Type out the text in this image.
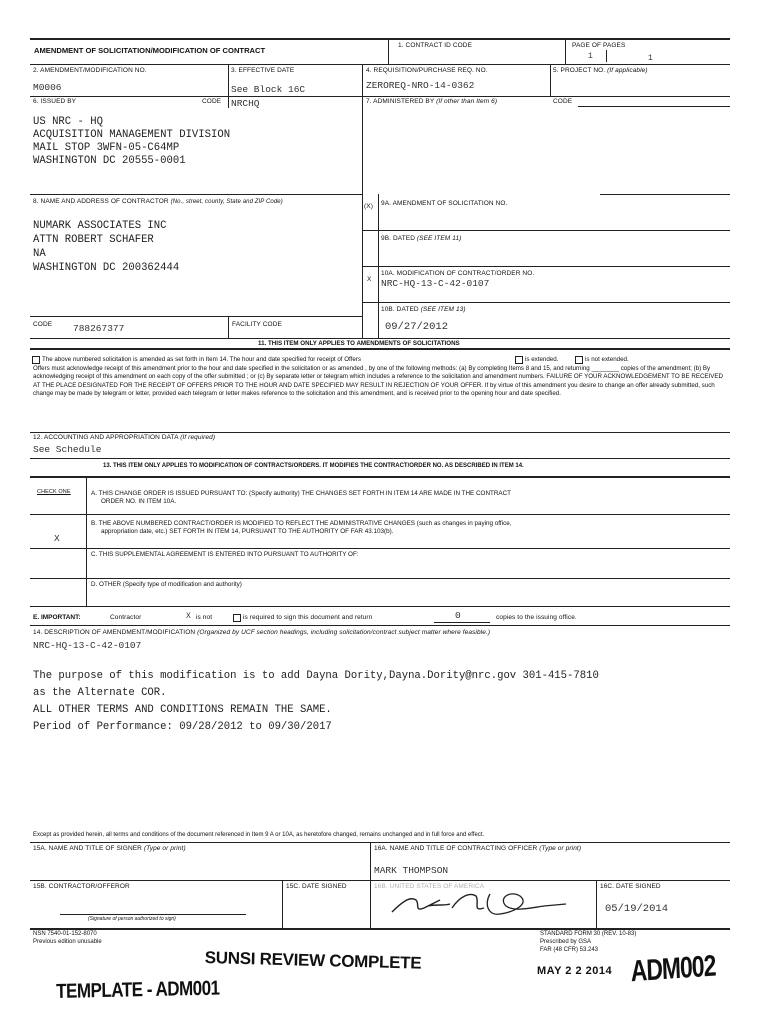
AMENDMENT OF SOLICITATION/MODIFICATION OF CONTRACT
1. CONTRACT ID CODE	PAGE OF PAGES
1	1
2. AMENDMENT/MODIFICATION NO.
M0006
3. EFFECTIVE DATE
See Block 16C
4. REQUISITION/PURCHASE REQ. NO.
ZEROREQ-NRO-14-0362
5. PROJECT NO. (If applicable)
6. ISSUED BY	CODE NRCHQ	7. ADMINISTERED BY (If other than Item 6)	CODE
US NRC - HQ
ACQUISITION MANAGEMENT DIVISION
MAIL STOP 3WFN-05-C64MP
WASHINGTON DC 20555-0001
8. NAME AND ADDRESS OF CONTRACTOR (No., street, county, State and ZIP Code)
NUMARK ASSOCIATES INC
ATTN ROBERT SCHAFER
NA
WASHINGTON DC 200362444
(X) 9A. AMENDMENT OF SOLICITATION NO.
9B. DATED (SEE ITEM 11)
X
10A. MODIFICATION OF CONTRACT/ORDER NO.
NRC-HQ-13-C-42-0107
10B. DATED (SEE ITEM 13)
09/27/2012
CODE 788267377	FACILITY CODE
11. THIS ITEM ONLY APPLIES TO AMENDMENTS OF SOLICITATIONS
The above numbered solicitation is amended as set forth in Item 14. The hour and date specified for receipt of Offers	is extended.	is not extended.
Offers must acknowledge receipt of this amendment prior to the hour and date specified in the solicitation or as amended , by one of the following methods: (a) By completing Items 8 and 15, and returning ________ copies of the amendment; (b) By acknowledging receipt of this amendment on each copy of the offer submitted ; or (c) By separate letter or telegram which includes a reference to the solicitation and amendment numbers. FAILURE OF YOUR ACKNOWLEDGEMENT TO BE RECEIVED AT THE PLACE DESIGNATED FOR THE RECEIPT OF OFFERS PRIOR TO THE HOUR AND DATE SPECIFIED MAY RESULT IN REJECTION OF YOUR OFFER. If by virtue of this amendment you desire to change an offer already submitted, such change may be made by telegram or letter, provided each telegram or letter makes reference to the solicitation and this amendment, and is received prior to the opening hour and date specified.
12. ACCOUNTING AND APPROPRIATION DATA (If required)
See Schedule
13. THIS ITEM ONLY APPLIES TO MODIFICATION OF CONTRACTS/ORDERS. IT MODIFIES THE CONTRACT/ORDER NO. AS DESCRIBED IN ITEM 14.
CHECK ONE	A. THIS CHANGE ORDER IS ISSUED PURSUANT TO: (Specify authority) THE CHANGES SET FORTH IN ITEM 14 ARE MADE IN THE CONTRACT
ORDER NO. IN ITEM 10A.
B. THE ABOVE NUMBERED CONTRACT/ORDER IS MODIFIED TO REFLECT THE ADMINISTRATIVE CHANGES (such as changes in paying office,
appropriation date, etc.) SET FORTH IN ITEM 14, PURSUANT TO THE AUTHORITY OF FAR 43.103(b).
X
C. THIS SUPPLEMENTAL AGREEMENT IS ENTERED INTO PURSUANT TO AUTHORITY OF:
D. OTHER (Specify type of modification and authority)
E. IMPORTANT:	Contractor	X is not	is required to sign this document and return	0	copies to the issuing office.
14. DESCRIPTION OF AMENDMENT/MODIFICATION (Organized by UCF section headings, including solicitation/contract subject matter where feasible.)
NRC-HQ-13-C-42-0107
The purpose of this modification is to add Dayna Dority,Dayna.Dority@nrc.gov 301-415-7810
as the Alternate COR.
ALL OTHER TERMS AND CONDITIONS REMAIN THE SAME.
Period of Performance: 09/28/2012 to 09/30/2017
Except as provided herein, all terms and conditions of the document referenced in Item 9 A or 10A, as heretofore changed, remains unchanged and in full force and effect.
15A. NAME AND TITLE OF SIGNER (Type or print)	16A. NAME AND TITLE OF CONTRACTING OFFICER (Type or print)
MARK THOMPSON
15B. CONTRACTOR/OFFEROR	15C. DATE SIGNED
(Signature of person authorized to sign)
16B. UNITED STATES OF AMERICA	16C. DATE SIGNED
05/19/2014
NSN 7540-01-152-8070
Previous edition unusable
STANDARD FORM 30 (REV. 10-83)
Prescribed by GSA
FAR (48 CFR) 53.243
SUNSI REVIEW COMPLETE
TEMPLATE - ADM001
MAY 2 2 2014 ADM002
